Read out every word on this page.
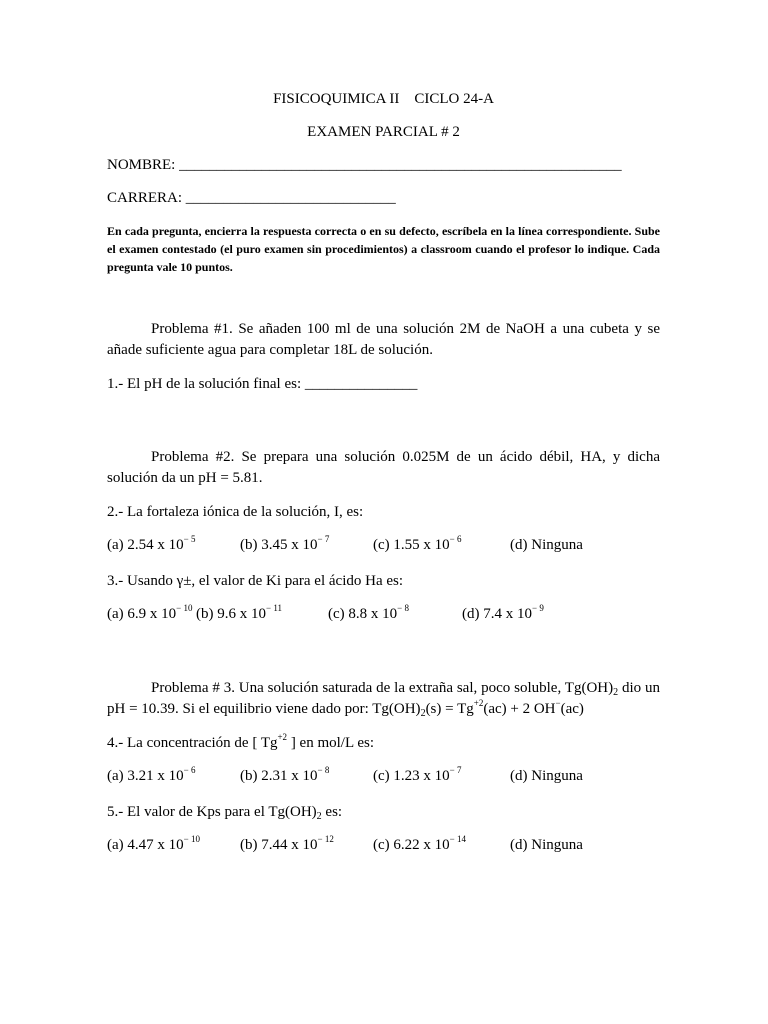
FISICOQUIMICA II CICLO 24-A
EXAMEN PARCIAL # 2
NOMBRE: ___________________________________________________________
CARRERA: ____________________________
En cada pregunta, encierra la respuesta correcta o en su defecto, escríbela en la línea correspondiente. Sube el examen contestado (el puro examen sin procedimientos) a classroom cuando el profesor lo indique. Cada pregunta vale 10 puntos.
Problema #1. Se añaden 100 ml de una solución 2M de NaOH a una cubeta y se añade suficiente agua para completar 18L de solución.
1.- El pH de la solución final es: _______________
Problema #2. Se prepara una solución 0.025M de un ácido débil, HA, y dicha solución da un pH = 5.81.
2.- La fortaleza iónica de la solución, I, es:
(a) 2.54 x $10^{- 5}$	(b) 3.45 x $10^{- 7}$	(c) 1.55 x $10^{- 6}$	(d) Ninguna
3.- Usando γ±, el valor de Ki para el ácido Ha es:
(a) 6.9 x $10^{- 10}$ (b) 9.6 x $10^{- 11}$	(c) 8.8 x $10^{- 8}$	(d) 7.4 x $10^{- 9}$
Problema # 3. Una solución saturada de la extraña sal, poco soluble, $Tg(OH)_2$ dio un pH = 10.39. Si el equilibrio viene dado por: $Tg(OH)_2(s) = Tg^{+2}(ac) + 2$ OH−(ac)
4.- La concentración de [ $Tg^{+2}$ ] en mol/L es:
(a) 3.21 x $10^{- 6}$	(b) 2.31 x $10^{- 8}$	(c) 1.23 x $10^{- 7}$	(d) Ninguna
5.- El valor de Kps para el $Tg(OH)_2$ es:
(a) 4.47 x $10^{- 10}$	(b) 7.44 x $10^{- 12}$	(c) 6.22 x $10^{- 14}$	(d) Ninguna
